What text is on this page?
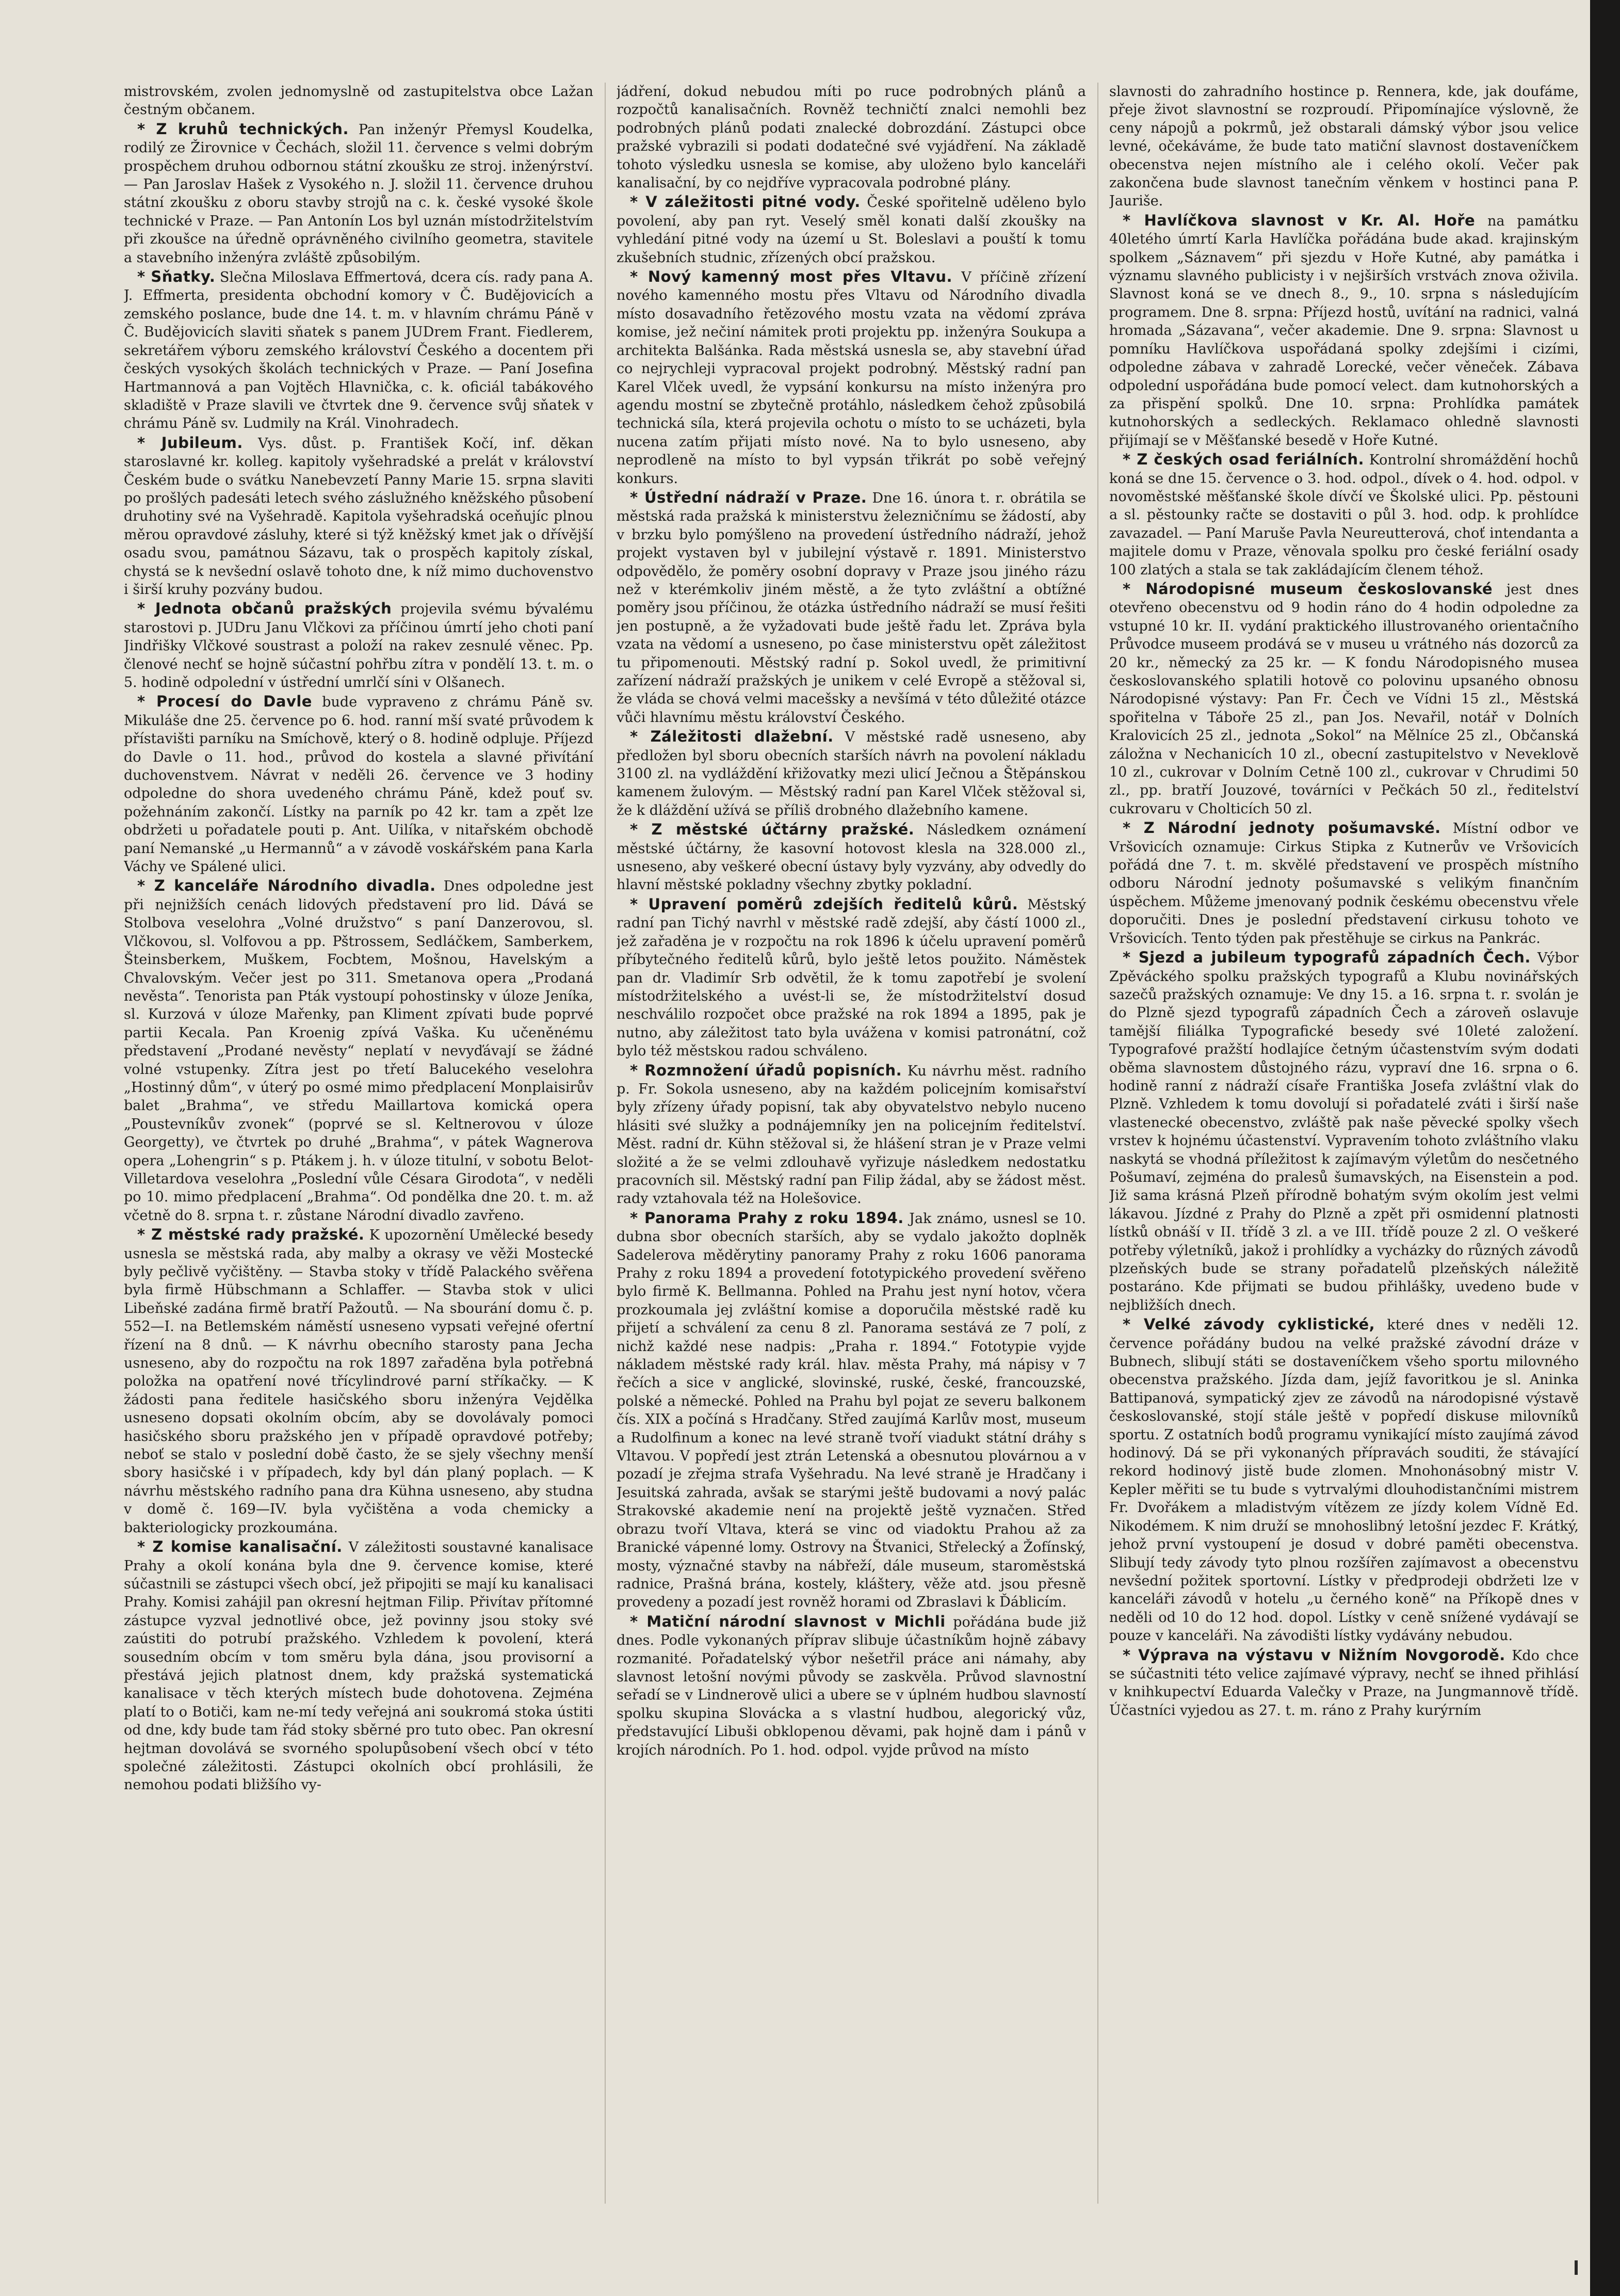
mistrovském, zvolen jednomyslně od zastupitelstva obce Lažan čestným občanem.

* Z kruhů technických. Pan inženýr Přemysl Koudelka, rodilý ze Žirovnice v Čechách, složil 11. července s velmi dobrým prospěchem druhou odbornou státní zkoušku ze stroj. inženýrství. — Pan Jaroslav Hašek z Vysokého n. J. složil 11. července druhou státní zkoušku z oboru stavby strojů na c. k. české vysoké škole technické v Praze. — Pan Antonín Los byl uznán místodržitelstvím při zkoušce na úředně oprávněného civilního geometra, stavitele a stavebního inženýra zvláště způsobilým.

* Sňatky. Slečna Miloslava Effmertová, dcera cís. rady pana A. J. Effmerta, presidenta obchodní komory v Č. Budějovicích a zemského poslance, bude dne 14. t. m. v hlavním chrámu Páně v Č. Budějovicích slaviti sňatek s panem JUDrem Frant. Fiedlerem, sekretářem výboru zemského království Českého a docentem při českých vysokých školách technických v Praze. — Paní Josefina Hartmannová a pan Vojtěch Hlavnička, c. k. oficiál tabákového skladiště v Praze slavili ve čtvrtek dne 9. července svůj sňatek v chrámu Páně sv. Ludmily na Král. Vinohradech.

* Jubileum. Vys. důst. p. František Kočí, inf. děkan staroslavné kr. kolleg. kapitoly vyšehradské a prelát v království Českém bude o svátku Nanebevzetí Panny Marie 15. srpna slaviti po prošlých padesáti letech svého záslužného kněžského působení druhotiny své na Vyšehradě. Kapitola vyšehradská oceňujíc plnou měrou opravdové zásluhy, které si týž kněžský kmet jak o dřívější osadu svou, památnou Sázavu, tak o prospěch kapitoly získal, chystá se k nevšední oslavě tohoto dne, k níž mimo duchovenstvo i širší kruhy pozvány budou.

* Jednota občanů pražských projevila svému bývalému starostovi p. JUDru Janu Vlčkovi za příčinou úmrtí jeho choti paní Jindřišky Vlčkové soustrast a položí na rakev zesnulé věnec. Pp. členové nechť se hojně súčastní pohřbu zítra v pondělí 13. t. m. o 5. hodině odpolední v ústřední umrlčí síni v Olšanech.

* Procesí do Davle bude vypraveno z chrámu Páně sv. Mikuláše dne 25. července po 6. hod. ranní mší svaté průvodem k přístavišti parníku na Smíchově, který o 8. hodině odpluje. Příjezd do Davle o 11. hod., průvod do kostela a slavné přivítání duchovenstvem. Návrat v neděli 26. července ve 3 hodiny odpoledne do shora uvedeného chrámu Páně, kdež pouť sv. požehnáním zakončí. Lístky na parník po 42 kr. tam a zpět lze obdržeti u pořadatele pouti p. Ant. Uilíka, v nitařském obchodě paní Nemanské „u Hermannů“ a v závodě voskářském pana Karla Váchy ve Spálené ulici.

* Z kanceláře Národního divadla. Dnes odpoledne jest při nejnižších cenách lidových představení pro lid. Dává se Stolbova veselohra „Volné družstvo“ s paní Danzerovou, sl. Vlčkovou, sl. Volfovou a pp. Pštrossem, Sedláčkem, Samberkem, Šteinsberkem, Muškem, Focbtem, Mošnou, Havelským a Chvalovským. Večer jest po 311. Smetanova opera „Prodaná nevěsta“. Tenorista pan Pták vystoupí pohostinsky v úloze Jeníka, sl. Kurzová v úloze Mařenky, pan Kliment zpívati bude poprvé partii Kecala. Pan Kroenig zpívá Vaška. Ku učeněnému představení „Prodané nevěsty“ neplatí v nevyďávají se žádné volné vstupenky. Zítra jest po třetí Balucekého veselohra „Hostinný dům“, v úterý po osmé mimo předplacení Monplaisirův balet „Brahma“, ve středu Maillartova komická opera „Poustevníkův zvonek“ (poprvé se sl. Keltnerovou v úloze Georgetty), ve čtvrtek po druhé „Brahma“, v pátek Wagnerova opera „Lohengrin“ s p. Ptákem j. h. v úloze titulní, v sobotu Belot-Villetardova veselohra „Poslední vůle Césara Girodota“, v neděli po 10. mimo předplacení „Brahma“. Od pondělka dne 20. t. m. až včetně do 8. srpna t. r. zůstane Národní divadlo zavřeno.

* Z městské rady pražské. K upozornění Umělecké besedy usnesla se městská rada, aby malby a okrasy ve věži Mostecké byly pečlivě vyčištěny. — Stavba stoky v třídě Palackého svěřena byla firmě Hübschmann a Schlaffer. — Stavba stok v ulici Libeňské zadána firmě bratří Pažoutů. — Na sbourání domu č. p. 552—I. na Betlemském náměstí usneseno vypsati veřejné ofertní řízení na 8 dnů. — K návrhu obecního starosty pana Jecha usneseno, aby do rozpočtu na rok 1897 zařaděna byla potřebná položka na opatření nové třícylindrové parní stříkačky. — K žádosti pana ředitele hasičského sboru inženýra Vejdělka usneseno dopsati okolním obcím, aby se dovolávaly pomoci hasičského sboru pražského jen v případě opravdové potřeby; neboť se stalo v poslední době často, že se sjely všechny menší sbory hasičské i v případech, kdy byl dán planý poplach. — K návrhu městského radního pana dra Kühna usneseno, aby studna v domě č. 169—IV. byla vyčištěna a voda chemicky a bakteriologicky prozkoumána.

* Z komise kanalisační. V záležitosti soustavné kanalisace Prahy a okolí konána byla dne 9. července komise, které súčastnili se zástupci všech obcí, jež připojiti se mají ku kanalisaci Prahy. Komisi zahájil pan okresní hejtman Filip. Přivítav přítomné zástupce vyzval jednotlivé obce, jež povinny jsou stoky své zaústiti do potrubí pražského. Vzhledem k povolení, která sousedním obcím v tom směru byla dána, jsou provisorní a přestává jejich platnost dnem, kdy pražská systematická kanalisace v těch kterých místech bude dohotovena. Zejména platí to o Botiči, kam ne-mí tedy veřejná ani soukromá stoka ústiti od dne, kdy bude tam řád stoky sběrné pro tuto obec. Pan okresní hejtman dovolává se svorného spolupůsobení všech obcí v této společné záležitosti. Zástupci okolních obcí prohlásili, že nemohou podati bližšího vy-

jádření, dokud nebudou míti po ruce podrobných plánů a rozpočtů kanalisačních. Rovněž techničtí znalci nemohli bez podrobných plánů podati znalecké dobrozdání. Zástupci obce pražské vybrazili si podati dodatečné své vyjádření. Na základě tohoto výsledku usnesla se komise, aby uloženo bylo kanceláři kanalisační, by co nejdříve vypracovala podrobné plány.

* V záležitosti pitné vody. České spořitelně uděleno bylo povolení, aby pan ryt. Veselý směl konati další zkoušky na vyhledání pitné vody na území u St. Boleslavi a pouští k tomu zkušebních studnic, zřízených obcí pražskou.

* Nový kamenný most přes Vltavu. V příčině zřízení nového kamenného mostu přes Vltavu od Národního divadla místo dosavadního řetězového mostu vzata na vědomí zpráva komise, jež nečiní námitek proti projektu pp. inženýra Soukupa a architekta Balšánka. Rada městská usnesla se, aby stavební úřad co nejrychleji vypracoval projekt podrobný. Městský radní pan Karel Vlček uvedl, že vypsání konkursu na místo inženýra pro agendu mostní se zbytečně protáhlo, následkem čehož způsobilá technická síla, která projevila ochotu o místo to se ucházeti, byla nucena zatím přijati místo nové. Na to bylo usneseno, aby neprodleně na místo to byl vypsán třikrát po sobě veřejný konkurs.

* Ústřední nádraží v Praze. Dne 16. února t. r. obrátila se městská rada pražská k ministerstvu železničnímu se žádostí, aby v brzku bylo pomýšleno na provedení ústředního nádraží, jehož projekt vystaven byl v jubilejní výstavě r. 1891. Ministerstvo odpovědělo, že poměry osobní dopravy v Praze jsou jiného rázu než v kterémkoliv jiném městě, a že tyto zvláštní a obtížné poměry jsou příčinou, že otázka ústředního nádraží se musí řešiti jen postupně, a že vyžadovati bude ještě řadu let. Zpráva byla vzata na vědomí a usneseno, po čase ministerstvu opět záležitost tu připomenouti. Městský radní p. Sokol uvedl, že primitivní zařízení nádraží pražských je unikem v celé Evropě a stěžoval si, že vláda se chová velmi macešsky a nevšímá v této důležité otázce vůči hlavnímu městu království Českého.

* Záležitosti dlažební. V městské radě usneseno, aby předložen byl sboru obecních starších návrh na povolení nákladu 3100 zl. na vydláždění křižovatky mezi ulicí Ječnou a Štěpánskou kamenem žulovým. — Městský radní pan Karel Vlček stěžoval si, že k dláždění užívá se příliš drobného dlažebního kamene.

* Z městské účtárny pražské. Následkem oznámení městské účtárny, že kasovní hotovost klesla na 328.000 zl., usneseno, aby veškeré obecní ústavy byly vyzvány, aby odvedly do hlavní městské pokladny všechny zbytky pokladní.

* Upravení poměrů zdejších ředitelů kůrů. Městský radní pan Tichý navrhl v městské radě zdejší, aby částí 1000 zl., jež zařaděna je v rozpočtu na rok 1896 k účelu upravení poměrů příbytečného ředitelů kůrů, bylo ještě letos použito. Náměstek pan dr. Vladimír Srb odvětil, že k tomu zapotřebí je svolení místodržitelského a uvést-li se, že místodržitelství dosud neschválilo rozpočet obce pražské na rok 1894 a 1895, pak je nutno, aby záležitost tato byla uvážena v komisi patronátní, což bylo též městskou radou schváleno.

* Rozmnožení úřadů popisních. Ku návrhu měst. radního p. Fr. Sokola usneseno, aby na každém policejním komisařství byly zřízeny úřady popisní, tak aby obyvatelstvo nebylo nuceno hlásiti své služky a podnájemníky jen na policejním ředitelství. Měst. radní dr. Kühn stěžoval si, že hlášení stran je v Praze velmi složité a že se velmi zdlouhavě vyřizuje následkem nedostatku pracovních sil. Městský radní pan Filip žádal, aby se žádost měst. rady vztahovala též na Holešovice.

* Panorama Prahy z roku 1894. Jak známo, usnesl se 10. dubna sbor obecních starších, aby se vydalo jakožto doplněk Sadelerova měděrytiny panoramy Prahy z roku 1606 panorama Prahy z roku 1894 a provedení fototypického provedení svěřeno bylo firmě K. Bellmanna. Pohled na Prahu jest nyní hotov, včera prozkoumala jej zvláštní komise a doporučila městské radě ku přijetí a schválení za cenu 8 zl. Panorama sestává ze 7 polí, z nichž každé nese nadpis: „Praha r. 1894.“ Fototypie vyjde nákladem městské rady král. hlav. města Prahy, má nápisy v 7 řečích a sice v anglické, slovinské, ruské, české, francouzské, polské a německé. Pohled na Prahu byl pojat ze severu balkonem čís. XIX a počíná s Hradčany. Střed zaujímá Karlův most, museum a Rudolfinum a konec na levé straně tvoří viadukt státní dráhy s Vltavou. V popředí jest ztrán Letenská a obesnutou plovárnou a v pozadí je zřejma strafa Vyšehradu. Na levé straně je Hradčany i Jesuitská zahrada, avšak se starými ještě budovami a nový palác Strakovské akademie není na projektě ještě vyznačen. Střed obrazu tvoří Vltava, která se vinc od viadoktu Prahou až za Branické vápenné lomy. Ostrovy na Štvanici, Střelecký a Žofínský, mosty, význačné stavby na nábřeží, dále museum, staroměstská radnice, Prašná brána, kostely, kláštery, věže atd. jsou přesně provedeny a pozadí jest rovněž horami od Zbraslavi k Ďáblicím.

* Matiční národní slavnost v Michli pořádána bude již dnes. Podle vykonaných příprav slibuje účastníkům hojně zábavy rozmanité. Pořadatelský výbor nešetřil práce ani námahy, aby slavnost letošní novými původy se zaskvěla. Průvod slavnostní seřadí se v Lindnerově ulici a ubere se v úplném hudbou slavností spolku skupina Slovácka a s vlastní hudbou, alegorický vůz, představující Libuši obklopenou děvami, pak hojně dam i pánů v krojích národních. Po 1. hod. odpol. vyjde průvod na místo

slavnosti do zahradního hostince p. Rennera, kde, jak doufáme, přeje život slavnostní se rozproudí. Připomínajíce výslovně, že ceny nápojů a pokrmů, jež obstarali dámský výbor jsou velice levné, očekáváme, že bude tato matiční slavnost dostaveníčkem obecenstva nejen místního ale i celého okolí. Večer pak zakončena bude slavnost tanečním věnkem v hostinci pana P. Jauriše.

* Havlíčkova slavnost v Kr. Al. Hoře na památku 40letého úmrtí Karla Havlíčka pořádána bude akad. krajinským spolkem „Sáznavem“ při sjezdu v Hoře Kutné, aby památka i významu slavného publicisty i v nejširších vrstvách znova oživila. Slavnost koná se ve dnech 8., 9., 10. srpna s následujícím programem. Dne 8. srpna: Příjezd hostů, uvítání na radnici, valná hromada „Sázavana“, večer akademie. Dne 9. srpna: Slavnost u pomníku Havlíčkova uspořádaná spolky zdejšími i cizími, odpoledne zábava v zahradě Lorecké, večer věneček. Zábava odpolední uspořádána bude pomocí velect. dam kutnohorských a za přispění spolků. Dne 10. srpna: Prohlídka památek kutnohorských a sedleckých. Reklamaco ohledně slavnosti přijímají se v Měšťanské besedě v Hoře Kutné.

* Z českých osad feriálních. Kontrolní shromáždění hochů koná se dne 15. července o 3. hod. odpol., dívek o 4. hod. odpol. v novoměstské měšťanské škole dívčí ve Školské ulici. Pp. pěstouni a sl. pěstounky račte se dostaviti o půl 3. hod. odp. k prohlídce zavazadel. — Paní Maruše Pavla Neureutterová, choť intendanta a majitele domu v Praze, věnovala spolku pro české feriální osady 100 zlatých a stala se tak zakládajícím členem téhož.

* Národopisné museum českoslovanské jest dnes otevřeno obecenstvu od 9 hodin ráno do 4 hodin odpoledne za vstupné 10 kr. II. vydání praktického illustrovaného orientačního Průvodce museem prodává se v museu u vrátného nás dozorců za 20 kr., německý za 25 kr. — K fondu Národopisného musea českoslovanského splatili hotově co polovinu upsaného obnosu Národopisné výstavy: Pan Fr. Čech ve Vídni 15 zl., Městská spořitelna v Táboře 25 zl., pan Jos. Nevařil, notář v Dolních Kralovicích 25 zl., jednota „Sokol“ na Mělníce 25 zl., Občanská záložna v Nechanicích 10 zl., obecní zastupitelstvo v Neveklově 10 zl., cukrovar v Dolním Cetně 100 zl., cukrovar v Chrudimi 50 zl., pp. bratří Jouzové, továrníci v Pečkách 50 zl., ředitelství cukrovaru v Cholticích 50 zl.

* Z Národní jednoty pošumavské. Místní odbor ve Vršovicích oznamuje: Cirkus Stipka z Kutnerův ve Vršovicích pořádá dne 7. t. m. skvělé představení ve prospěch místního odboru Národní jednoty pošumavské s velikým finančním úspěchem. Můžeme jmenovaný podnik českému obecenstvu vřele doporučiti. Dnes je poslední představení cirkusu tohoto ve Vršovicích. Tento týden pak přestěhuje se cirkus na Pankrác.

* Sjezd a jubileum typografů západních Čech. Výbor Zpěváckého spolku pražských typografů a Klubu novinářských sazečů pražských oznamuje: Ve dny 15. a 16. srpna t. r. svolán je do Plzně sjezd typografů západních Čech a zároveň oslavuje tamější filiálka Typografické besedy své 10leté založení. Typografové pražští hodlajíce četným účastenstvím svým dodati oběma slavnostem důstojného rázu, vypraví dne 16. srpna o 6. hodině ranní z nádraží císaře Františka Josefa zvláštní vlak do Plzně. Vzhledem k tomu dovolují si pořadatelé zváti i širší naše vlastenecké obecenstvo, zvláště pak naše pěvecké spolky všech vrstev k hojnému účastenství. Vypravením tohoto zvláštního vlaku naskytá se vhodná příležitost k zajímavým výletům do nesčetného Pošumaví, zejména do pralesů šumavských, na Eisenstein a pod. Již sama krásná Plzeň přírodně bohatým svým okolím jest velmi lákavou. Jízdné z Prahy do Plzně a zpět při osmidenní platnosti lístků obnáší v II. třídě 3 zl. a ve III. třídě pouze 2 zl. O veškeré potřeby výletníků, jakož i prohlídky a vycházky do různých závodů plzeňských bude se strany pořadatelů plzeňských náležitě postaráno. Kde přijmati se budou přihlášky, uvedeno bude v nejbližších dnech.

* Velké závody cyklistické, které dnes v neděli 12. července pořádány budou na velké pražské závodní dráze v Bubnech, slibují státi se dostaveníčkem všeho sportu milovného obecenstva pražského. Jízda dam, jejíž favoritkou je sl. Aninka Battipanová, sympatický zjev ze závodů na národopisné výstavě českoslovanské, stojí stále ještě v popředí diskuse milovníků sportu. Z ostatních bodů programu vynikající místo zaujímá závod hodinový. Dá se při vykonaných přípravách souditi, že stávající rekord hodinový jistě bude zlomen. Mnohonásobný mistr V. Kepler měřiti se tu bude s vytrvalými dlouhodistančními mistrem Fr. Dvořákem a mladistvým vítězem ze jízdy kolem Vídně Ed. Nikodémem. K nim druží se mnohoslibný letošní jezdec F. Krátký, jehož první vystoupení je dosud v dobré paměti obecenstva. Slibují tedy závody tyto plnou rozšířen zajímavost a obecenstvu nevšední požitek sportovní. Lístky v předprodeji obdržeti lze v kanceláři závodů v hotelu „u černého koně“ na Příkopě dnes v neděli od 10 do 12 hod. dopol. Lístky v ceně snížené vydávají se pouze v kanceláři. Na závodišti lístky vydávány nebudou.

* Výprava na výstavu v Nižním Novgorodě. Kdo chce se súčastniti této velice zajímavé výpravy, nechť se ihned přihlásí v knihkupectví Eduarda Valečky v Praze, na Jungmannově třídě. Účastníci vyjedou as 27. t. m. ráno z Prahy kurýrním
